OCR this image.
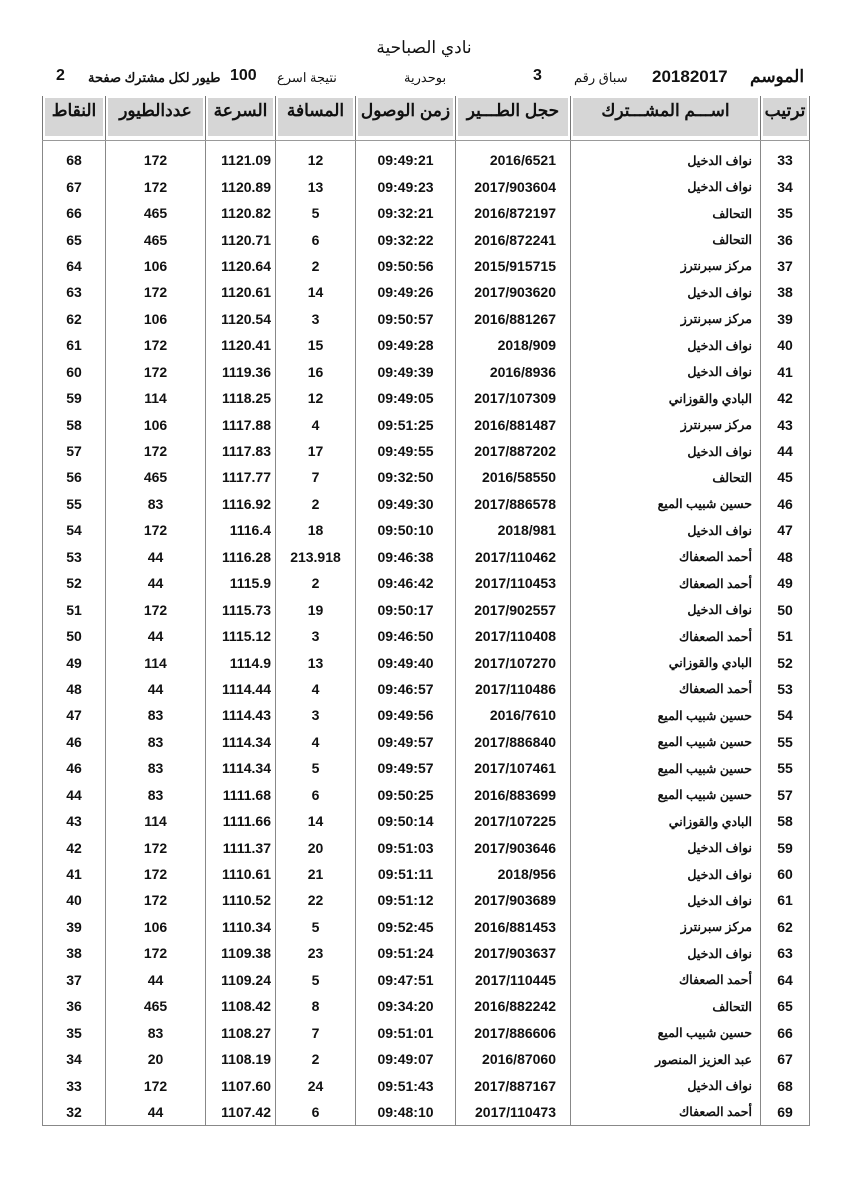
نادي الصباحية
2 طيور لكل مشترك صفحة 100 نتيجة اسرع	بوحدرية	3 سباق رقم 20182017 الموسم
النقاط	عددالطيور	السرعة	المسافة	زمن الوصول	حجل الطـــير	اســـم المشـــترك	ترتيب

68	172	1121.09	12	09:49:21	2016/6521	نواف الدخيل	33
67	172	1120.89	13	09:49:23	2017/903604	نواف الدخيل	34
66	465	1120.82	5	09:32:21	2016/872197	التحالف	35
65	465	1120.71	6	09:32:22	2016/872241	التحالف	36
64	106	1120.64	2	09:50:56	2015/915715	مركز سبرنترز	37
63	172	1120.61	14	09:49:26	2017/903620	نواف الدخيل	38
62	106	1120.54	3	09:50:57	2016/881267	مركز سبرنترز	39
61	172	1120.41	15	09:49:28	2018/909	نواف الدخيل	40
60	172	1119.36	16	09:49:39	2016/8936	نواف الدخيل	41
59	114	1118.25	12	09:49:05	2017/107309	البادي والقوزاني	42
58	106	1117.88	4	09:51:25	2016/881487	مركز سبرنترز	43
57	172	1117.83	17	09:49:55	2017/887202	نواف الدخيل	44
56	465	1117.77	7	09:32:50	2016/58550	التحالف	45
55	83	1116.92	2	09:49:30	2017/886578	حسين شبيب الميع	46
54	172	1116.4	18	09:50:10	2018/981	نواف الدخيل	47
53	44	1116.28	213.918	09:46:38	2017/110462	أحمد الصعفاك	48
52	44	1115.9	2	09:46:42	2017/110453	أحمد الصعفاك	49
51	172	1115.73	19	09:50:17	2017/902557	نواف الدخيل	50
50	44	1115.12	3	09:46:50	2017/110408	أحمد الصعفاك	51
49	114	1114.9	13	09:49:40	2017/107270	البادي والقوزاني	52
48	44	1114.44	4	09:46:57	2017/110486	أحمد الصعفاك	53
47	83	1114.43	3	09:49:56	2016/7610	حسين شبيب الميع	54
46	83	1114.34	4	09:49:57	2017/886840	حسين شبيب الميع	55
46	83	1114.34	5	09:49:57	2017/107461	حسين شبيب الميع	55
44	83	1111.68	6	09:50:25	2016/883699	حسين شبيب الميع	57
43	114	1111.66	14	09:50:14	2017/107225	البادي والقوزاني	58
42	172	1111.37	20	09:51:03	2017/903646	نواف الدخيل	59
41	172	1110.61	21	09:51:11	2018/956	نواف الدخيل	60
40	172	1110.52	22	09:51:12	2017/903689	نواف الدخيل	61
39	106	1110.34	5	09:52:45	2016/881453	مركز سبرنترز	62
38	172	1109.38	23	09:51:24	2017/903637	نواف الدخيل	63
37	44	1109.24	5	09:47:51	2017/110445	أحمد الصعفاك	64
36	465	1108.42	8	09:34:20	2016/882242	التحالف	65
35	83	1108.27	7	09:51:01	2017/886606	حسين شبيب الميع	66
34	20	1108.19	2	09:49:07	2016/87060	عبد العزيز المنصور	67
33	172	1107.60	24	09:51:43	2017/887167	نواف الدخيل	68
32	44	1107.42	6	09:48:10	2017/110473	أحمد الصعفاك	69
